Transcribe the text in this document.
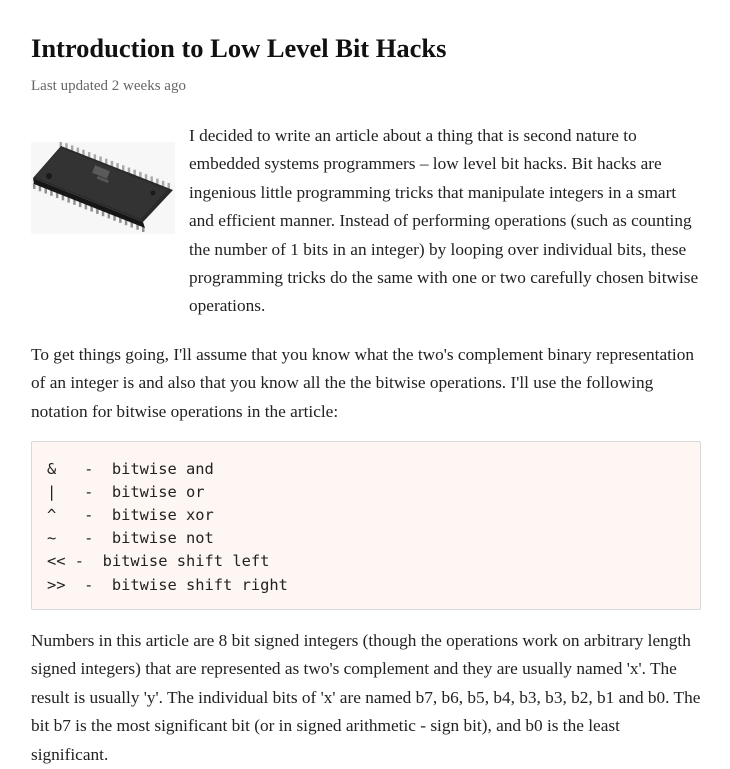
Introduction to Low Level Bit Hacks
Last updated 2 weeks ago

I decided to write an article about a thing that is second nature to embedded systems programmers – low level bit hacks. Bit hacks are ingenious little programming tricks that manipulate integers in a smart and efficient manner. Instead of performing operations (such as counting the number of 1 bits in an integer) by looping over individual bits, these programming tricks do the same with one or two carefully chosen bitwise operations.

To get things going, I'll assume that you know what the two's complement binary representation of an integer is and also that you know all the the bitwise operations. I'll use the following notation for bitwise operations in the article:

&   -  bitwise and
|   -  bitwise or
^   -  bitwise xor
~   -  bitwise not
<< -  bitwise shift left
>>  -  bitwise shift right

Numbers in this article are 8 bit signed integers (though the operations work on arbitrary length signed integers) that are represented as two's complement and they are usually named 'x'. The result is usually 'y'. The individual bits of 'x' are named b7, b6, b5, b4, b3, b3, b2, b1 and b0. The bit b7 is the most significant bit (or in signed arithmetic - sign bit), and b0 is the least significant.
